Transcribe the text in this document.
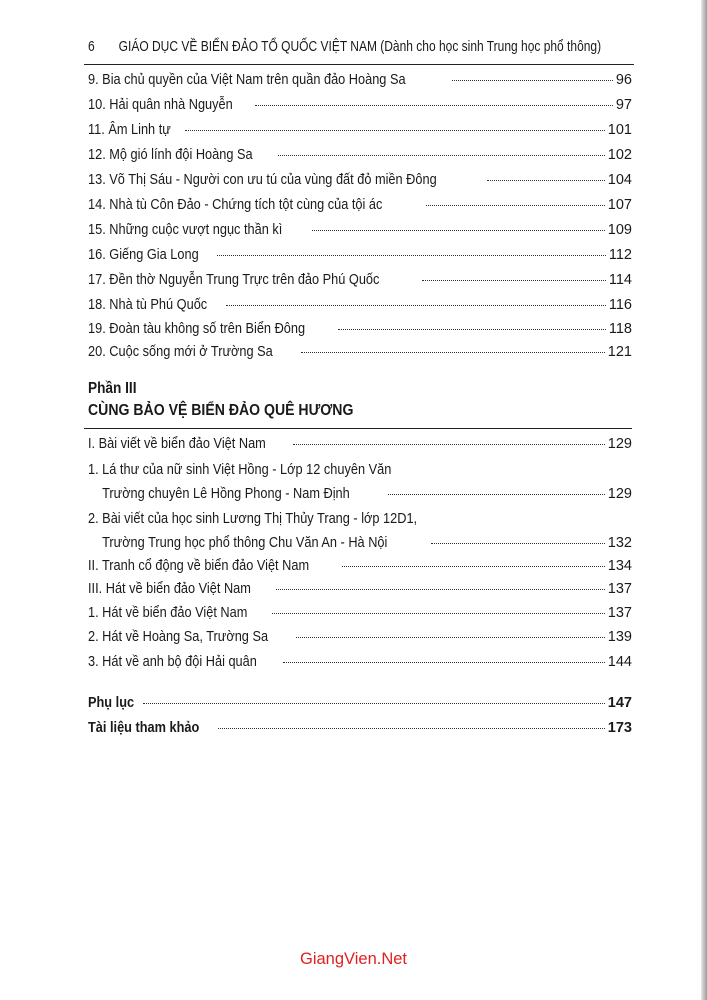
6 GIÁO DỤC VỀ BIỂN ĐẢO TỔ QUỐC VIỆT NAM (Dành cho học sinh Trung học phổ thông)
9. Bia chủ quyền của Việt Nam trên quần đảo Hoàng Sa	96
10. Hải quân nhà Nguyễn	97
11. Âm Linh tự	101
12. Mộ gió lính đội Hoàng Sa	102
13. Võ Thị Sáu - Người con ưu tú của vùng đất đỏ miền Đông	104
14. Nhà tù Côn Đảo - Chứng tích tột cùng của tội ác	107
15. Những cuộc vượt ngục thần kì	109
16. Giếng Gia Long	112
17. Đền thờ Nguyễn Trung Trực trên đảo Phú Quốc	114
18. Nhà tù Phú Quốc	116
19. Đoàn tàu không số trên Biển Đông	118
20. Cuộc sống mới ở Trường Sa	121
Phần III
CÙNG BẢO VỆ BIỂN ĐẢO QUÊ HƯƠNG
I. Bài viết về biển đảo Việt Nam	129
1. Lá thư của nữ sinh Việt Hồng - Lớp 12 chuyên Văn
Trường chuyên Lê Hồng Phong - Nam Định	129
2. Bài viết của học sinh Lương Thị Thủy Trang - lớp 12D1,
Trường Trung học phổ thông Chu Văn An - Hà Nội	132
II. Tranh cổ động về biển đảo Việt Nam	134
III. Hát về biển đảo Việt Nam	137
1. Hát về biển đảo Việt Nam	137
2. Hát về Hoàng Sa, Trường Sa	139
3. Hát về anh bộ đội Hải quân	144
Phụ lục	147
Tài liệu tham khảo	173
GiangVien.Net
